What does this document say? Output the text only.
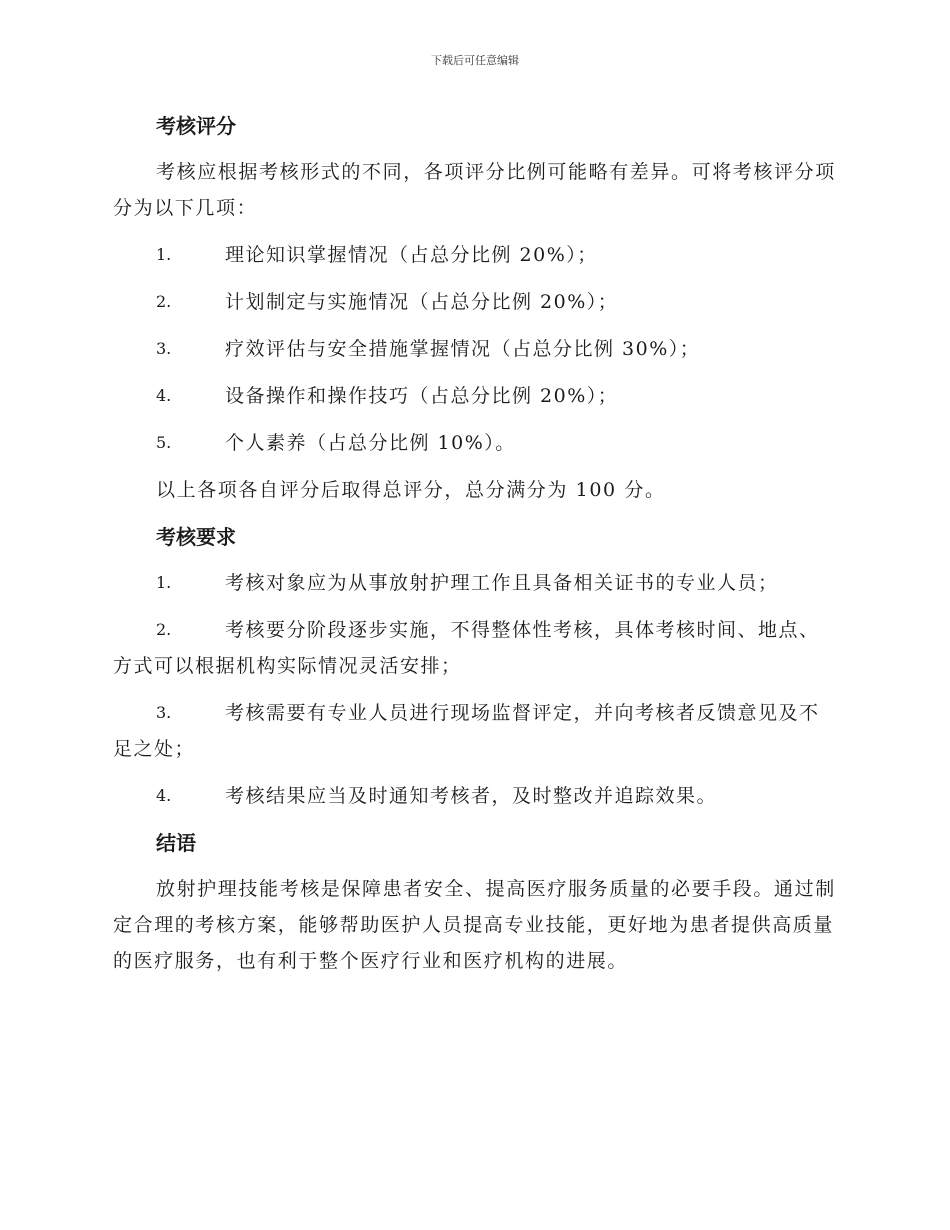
下载后可任意编辑
考核评分
考核应根据考核形式的不同，各项评分比例可能略有差异。可将考核评分项分为以下几项：
1.	理论知识掌握情况（占总分比例 20%）；
2.	计划制定与实施情况（占总分比例 20%）；
3.	疗效评估与安全措施掌握情况（占总分比例 30%）；
4.	设备操作和操作技巧（占总分比例 20%）；
5.	个人素养（占总分比例 10%）。
以上各项各自评分后取得总评分，总分满分为 100 分。
考核要求
1.	考核对象应为从事放射护理工作且具备相关证书的专业人员；
2.	考核要分阶段逐步实施，不得整体性考核，具体考核时间、地点、方式可以根据机构实际情况灵活安排；
3.	考核需要有专业人员进行现场监督评定，并向考核者反馈意见及不足之处；
4.	考核结果应当及时通知考核者，及时整改并追踪效果。
结语
放射护理技能考核是保障患者安全、提高医疗服务质量的必要手段。通过制定合理的考核方案，能够帮助医护人员提高专业技能，更好地为患者提供高质量的医疗服务，也有利于整个医疗行业和医疗机构的进展。
